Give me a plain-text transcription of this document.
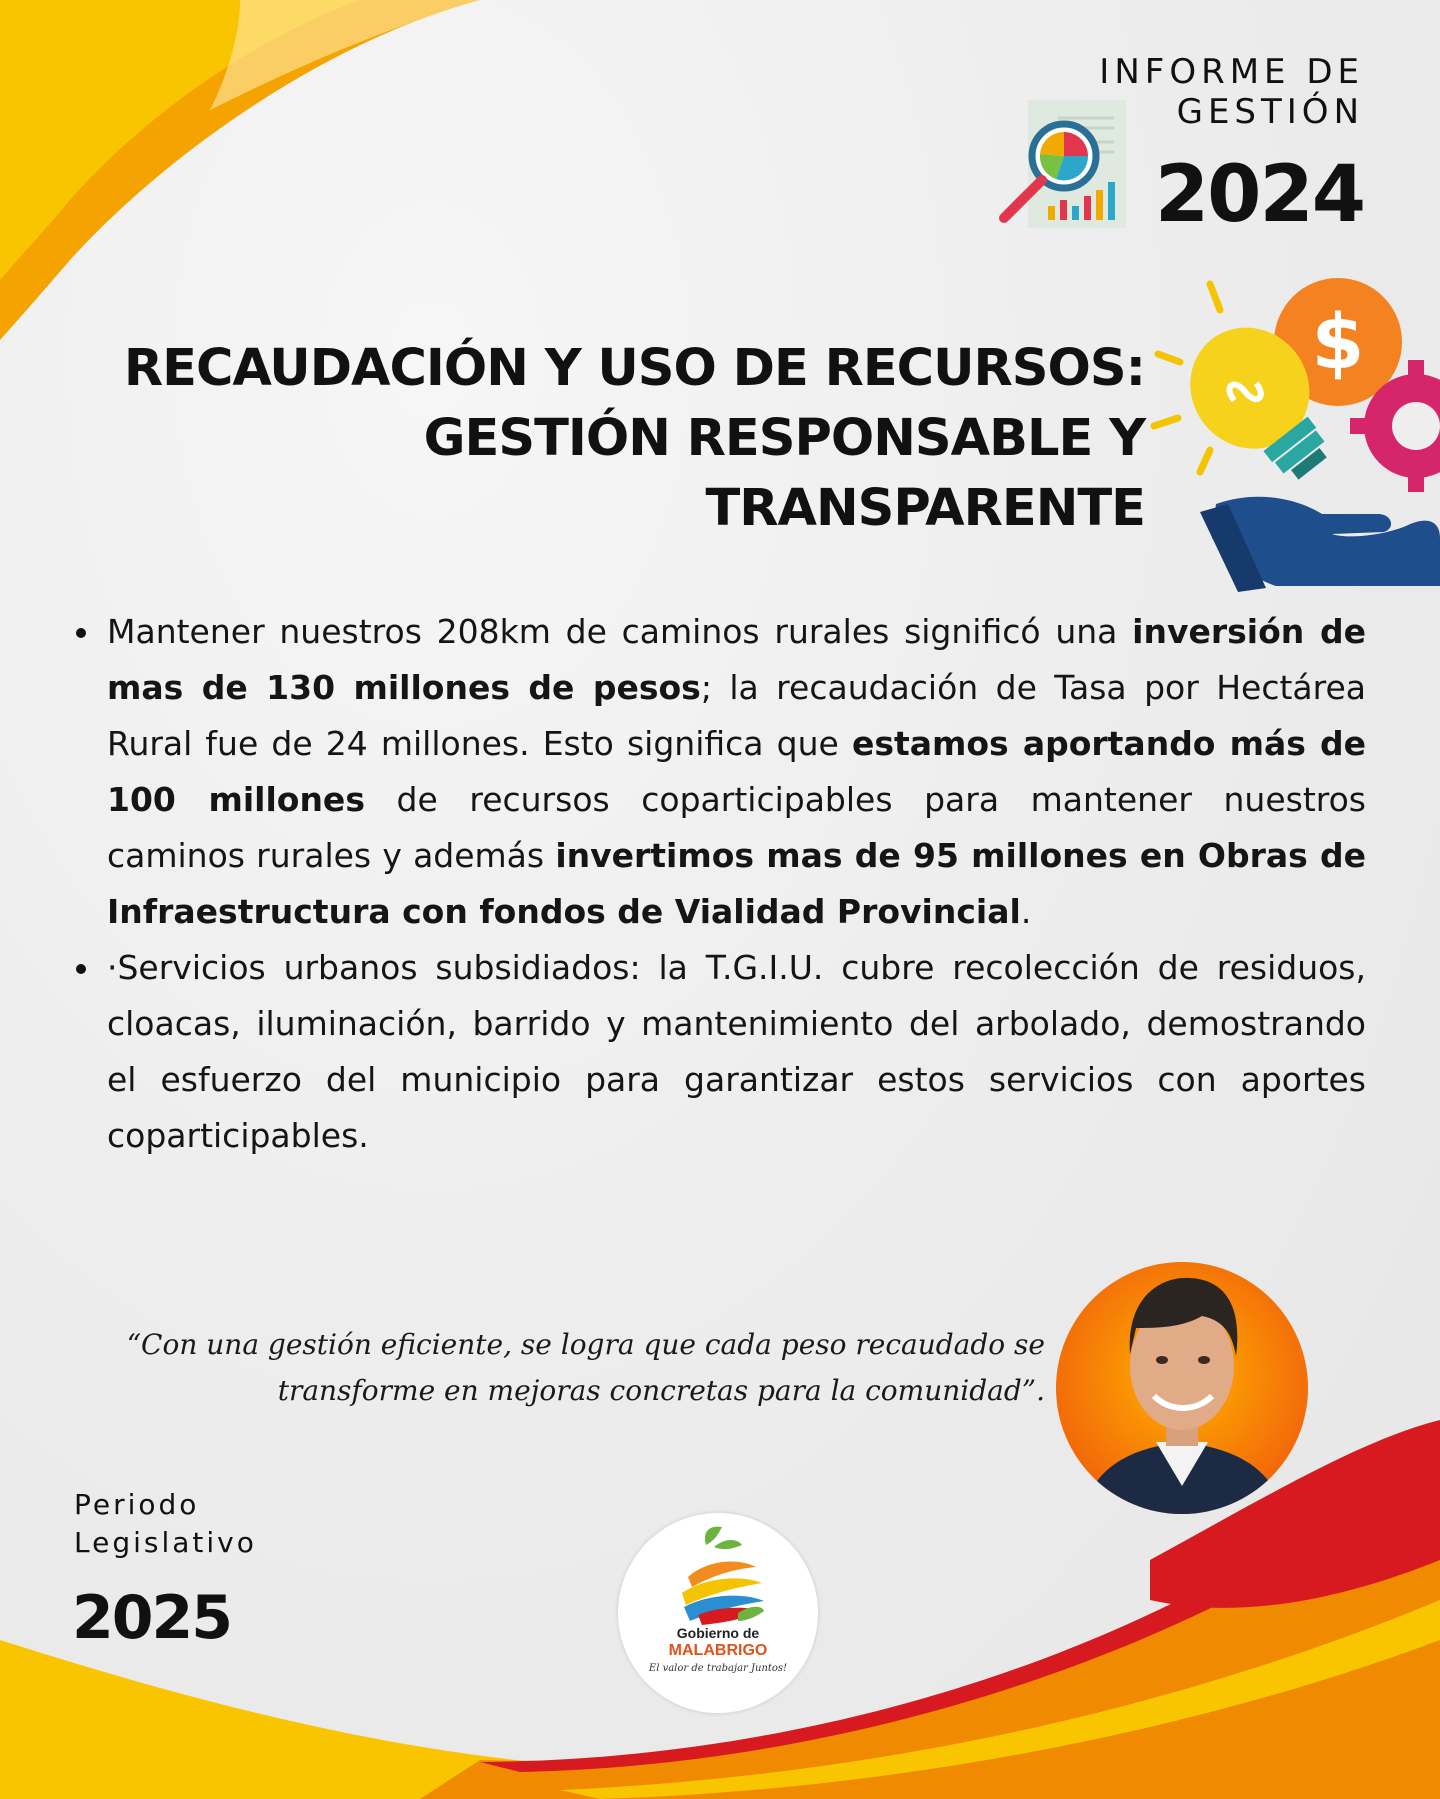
INFORME DE GESTIÓN
2024
RECAUDACIÓN Y USO DE RECURSOS:
GESTIÓN RESPONSABLE Y
TRANSPARENTE
$
Mantener nuestros 208km de caminos rurales significó una inversión de mas de 130 millones de pesos; la recaudación de Tasa por Hectárea Rural fue de 24 millones. Esto significa que estamos aportando más de 100 millones de recursos coparticipables para mantener nuestros caminos rurales y además invertimos mas de 95 millones en Obras de Infraestructura con fondos de Vialidad Provincial.
·Servicios urbanos subsidiados: la T.G.I.U. cubre recolección de residuos, cloacas, iluminación, barrido y mantenimiento del arbolado, demostrando el esfuerzo del municipio para garantizar estos servicios con aportes coparticipables.

“Con una gestión eficiente, se logra que cada peso recaudado se transforme en mejoras concretas para la comunidad”.

Periodo Legislativo
2025	Gobierno de
MALABRIGO
El valor de trabajar Juntos!
